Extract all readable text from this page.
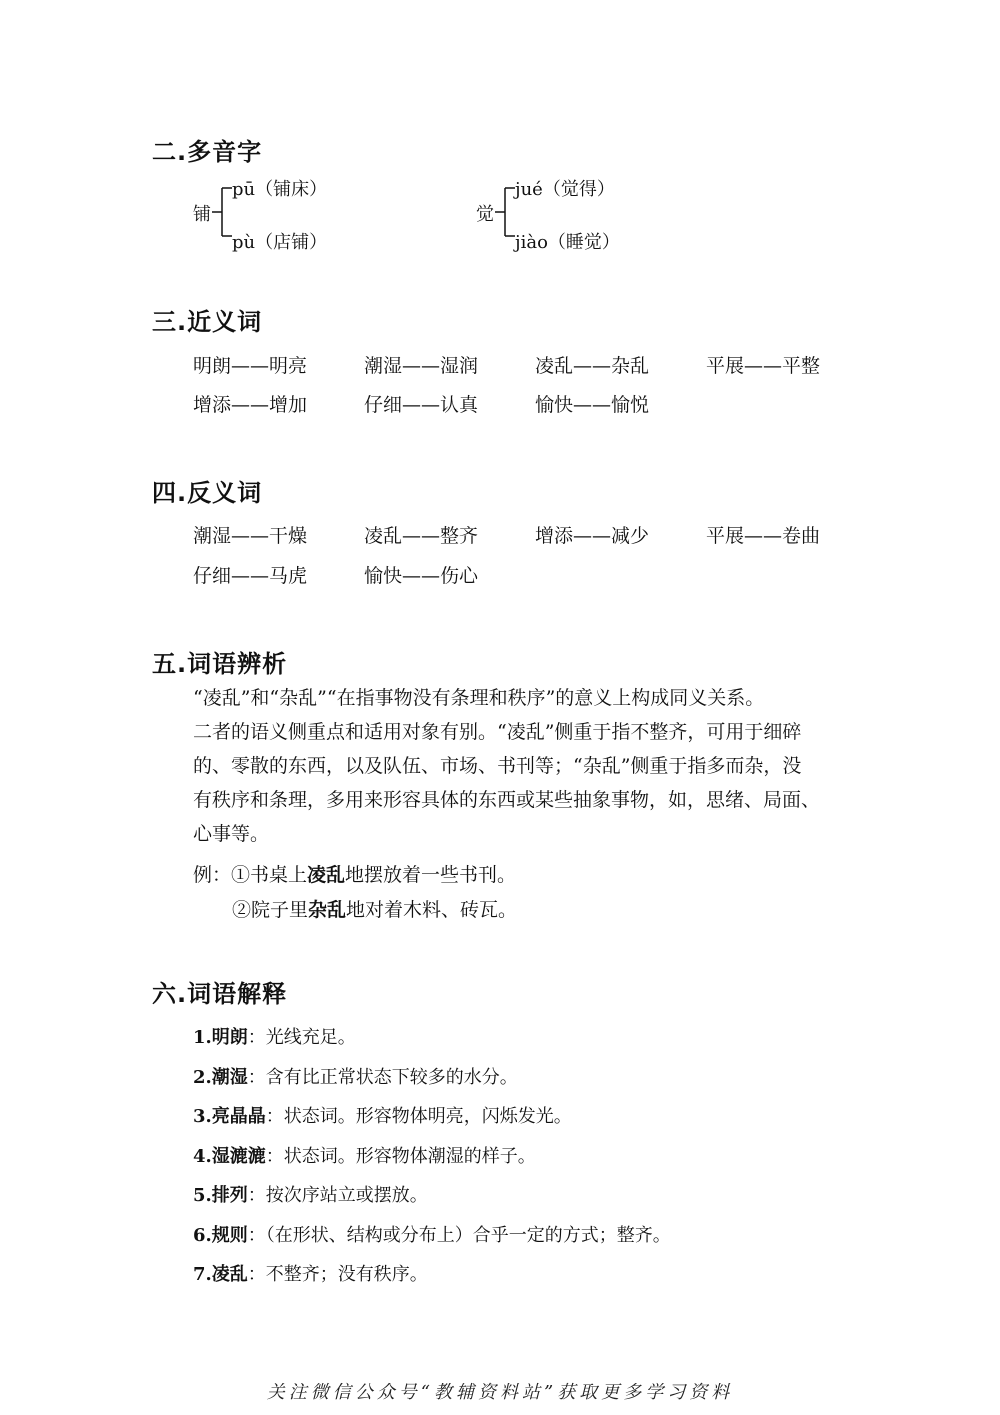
二.多音字
铺
pū（铺床）
pù（店铺）
觉
jué（觉得）
jiào（睡觉）
三.近义词
明朗——明亮	潮湿——湿润	凌乱——杂乱	平展——平整
增添——增加	仔细——认真	愉快——愉悦
四.反义词
潮湿——干燥	凌乱——整齐	增添——减少	平展——卷曲
仔细——马虎	愉快——伤心
五.词语辨析

“凌乱”和“杂乱”“在指事物没有条理和秩序”的意义上构成同义关系。

二者的语义侧重点和适用对象有别。“凌乱”侧重于指不整齐，可用于细碎

的、零散的东西，以及队伍、市场、书刊等；“杂乱”侧重于指多而杂，没

有秩序和条理，多用来形容具体的东西或某些抽象事物，如，思绪、局面、

心事等。

例：①书桌上凌乱地摆放着一些书刊。
②院子里杂乱地对着木料、砖瓦。
六.词语解释
1.明朗：光线充足。
2.潮湿：含有比正常状态下较多的水分。
3.亮晶晶：状态词。形容物体明亮，闪烁发光。
4.湿漉漉：状态词。形容物体潮湿的样子。
5.排列：按次序站立或摆放。
6.规则：（在形状、结构或分布上）合乎一定的方式；整齐。
7.凌乱：不整齐；没有秩序。
关注微信公众号“教辅资料站”获取更多学习资料
